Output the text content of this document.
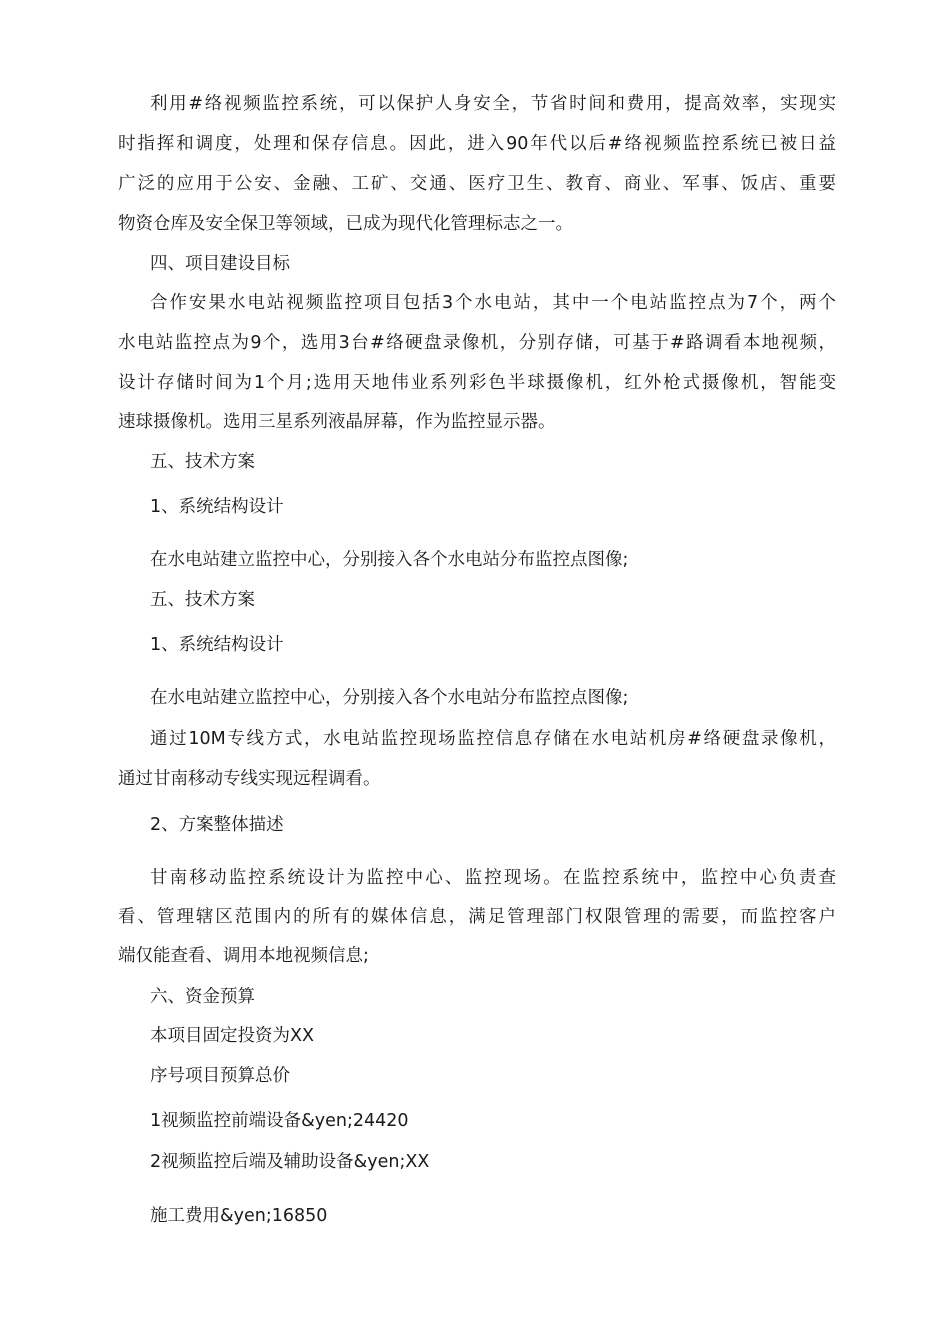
利用#络视频监控系统，可以保护人身安全，节省时间和费用，提高效率，实现实
时指挥和调度，处理和保存信息。因此，进入90年代以后#络视频监控系统已被日益
广泛的应用于公安、金融、工矿、交通、医疗卫生、教育、商业、军事、饭店、重要
物资仓库及安全保卫等领域，已成为现代化管理标志之一。
四、项目建设目标
合作安果水电站视频监控项目包括3个水电站，其中一个电站监控点为7个，两个
水电站监控点为9个，选用3台#络硬盘录像机，分别存储，可基于#路调看本地视频，
设计存储时间为1个月;选用天地伟业系列彩色半球摄像机，红外枪式摄像机，智能变
速球摄像机。选用三星系列液晶屏幕，作为监控显示器。
五、技术方案
1、系统结构设计
在水电站建立监控中心，分别接入各个水电站分布监控点图像;
五、技术方案
1、系统结构设计
在水电站建立监控中心，分别接入各个水电站分布监控点图像;
通过10M专线方式，水电站监控现场监控信息存储在水电站机房#络硬盘录像机，
通过甘南移动专线实现远程调看。
2、方案整体描述
甘南移动监控系统设计为监控中心、监控现场。在监控系统中，监控中心负责查
看、管理辖区范围内的所有的媒体信息，满足管理部门权限管理的需要，而监控客户
端仅能查看、调用本地视频信息;
六、资金预算
本项目固定投资为XX
序号项目预算总价
1视频监控前端设备&yen;24420
2视频监控后端及辅助设备&yen;XX
施工费用&yen;16850
